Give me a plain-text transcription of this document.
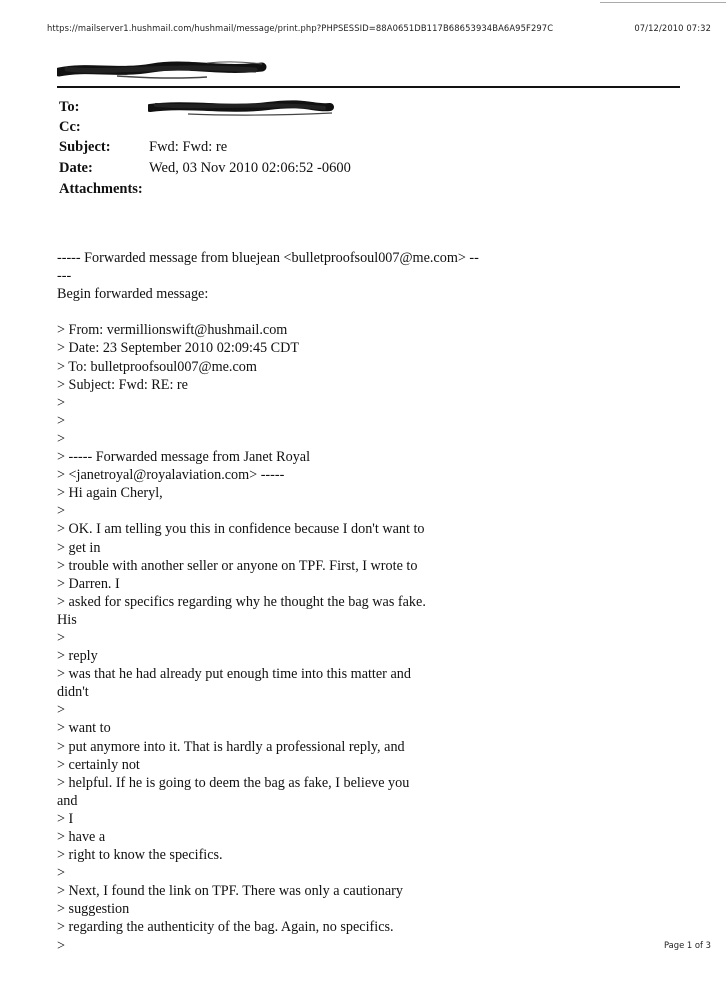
https://mailserver1.hushmail.com/hushmail/message/print.php?PHPSESSID=88A0651DB117B68653934BA6A95F297C	07/12/2010 07:32
To:
Cc:
Subject:	Fwd: Fwd: re
Date:	Wed, 03 Nov 2010 02:06:52 -0600
Attachments:
----- Forwarded message from bluejean <bulletproofsoul007@me.com> --
---
Begin forwarded message:
> From: vermillionswift@hushmail.com
> Date: 23 September 2010 02:09:45 CDT
> To: bulletproofsoul007@me.com
> Subject: Fwd: RE: re
>
>
>
> ----- Forwarded message from Janet Royal
> <janetroyal@royalaviation.com> -----
> Hi again Cheryl,
>
> OK. I am telling you this in confidence because I don't want to
> get in
> trouble with another seller or anyone on TPF. First, I wrote to
> Darren. I
> asked for specifics regarding why he thought the bag was fake.
His
>
> reply
> was that he had already put enough time into this matter and
didn't
>
> want to
> put anymore into it. That is hardly a professional reply, and
> certainly not
> helpful. If he is going to deem the bag as fake, I believe you
and
> I
> have a
> right to know the specifics.
>
> Next, I found the link on TPF. There was only a cautionary
> suggestion
> regarding the authenticity of the bag. Again, no specifics.
>	Page 1 of 3
